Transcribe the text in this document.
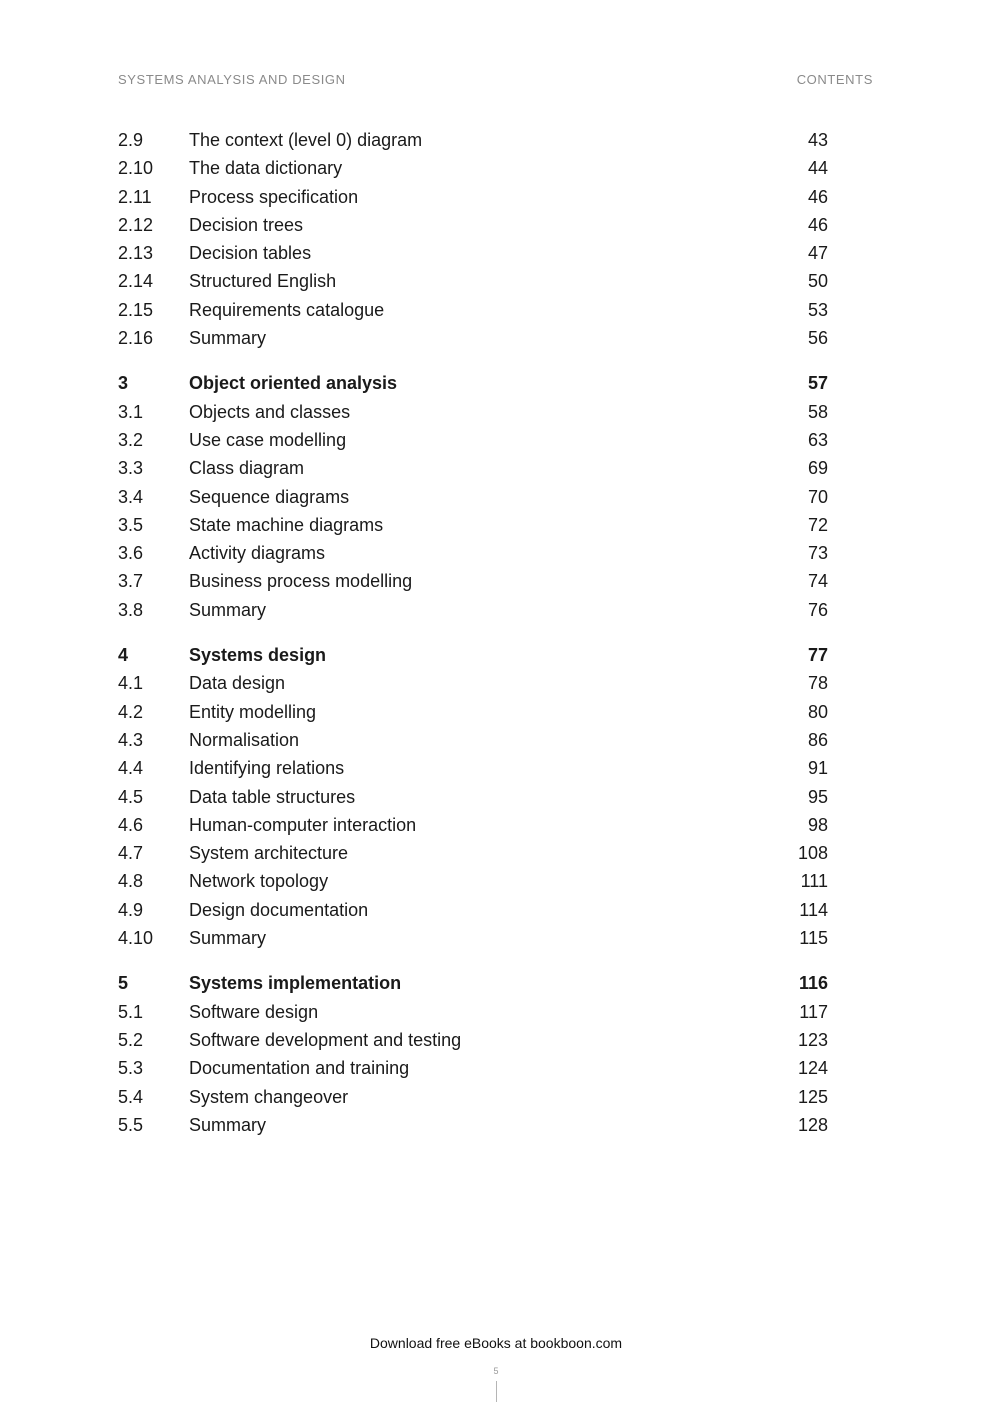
SYSTEMS ANALYSIS AND DESIGN	CONTENTS
2.9	The context (level 0) diagram	43
2.10	The data dictionary	44
2.11	Process specification	46
2.12	Decision trees	46
2.13	Decision tables	47
2.14	Structured English	50
2.15	Requirements catalogue	53
2.16	Summary	56
3	Object oriented analysis	57
3.1	Objects and classes	58
3.2	Use case modelling	63
3.3	Class diagram	69
3.4	Sequence diagrams	70
3.5	State machine diagrams	72
3.6	Activity diagrams	73
3.7	Business process modelling	74
3.8	Summary	76
4	Systems design	77
4.1	Data design	78
4.2	Entity modelling	80
4.3	Normalisation	86
4.4	Identifying relations	91
4.5	Data table structures	95
4.6	Human-computer interaction	98
4.7	System architecture	108
4.8	Network topology	111
4.9	Design documentation	114
4.10	Summary	115
5	Systems implementation	116
5.1	Software design	117
5.2	Software development and testing	123
5.3	Documentation and training	124
5.4	System changeover	125
5.5	Summary	128
Download free eBooks at bookboon.com
5
